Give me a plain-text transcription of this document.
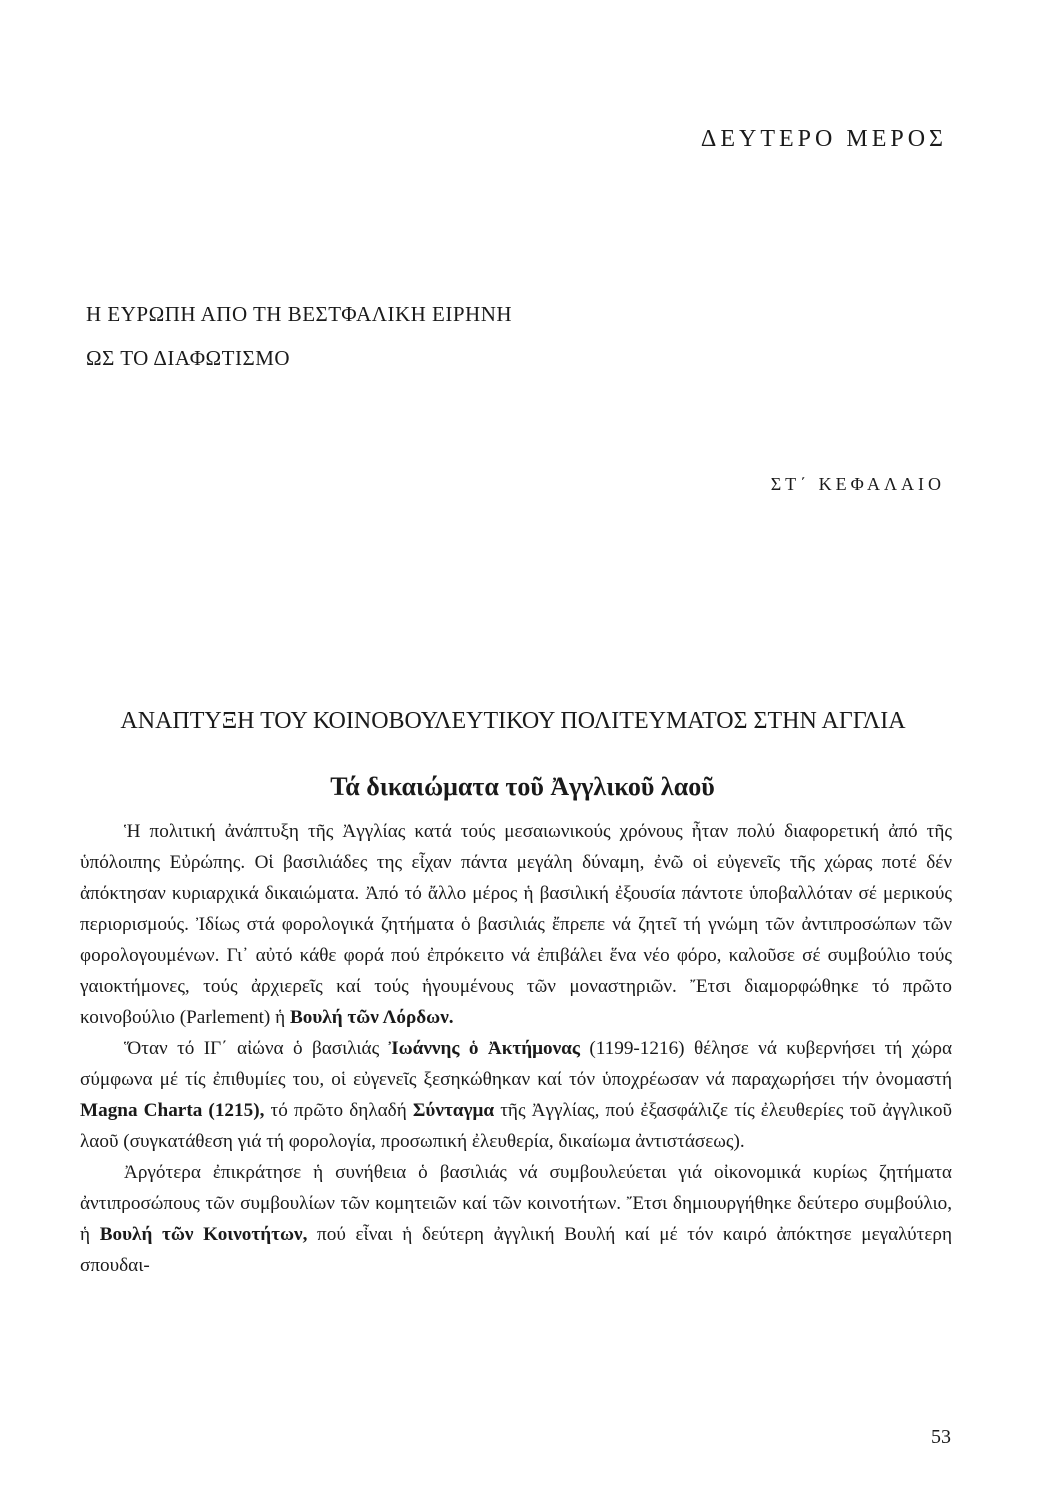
ΔΕΥΤΕΡΟ ΜΕΡΟΣ
Η ΕΥΡΩΠΗ ΑΠΟ ΤΗ ΒΕΣΤΦΑΛΙΚΗ ΕΙΡΗΝΗ
ΩΣ ΤΟ ΔΙΑΦΩΤΙΣΜΟ
ΣΤ΄ ΚΕΦΑΛΑΙΟ
ΑΝΑΠΤΥΞΗ ΤΟΥ ΚΟΙΝΟΒΟΥΛΕΥΤΙΚΟΥ ΠΟΛΙΤΕΥΜΑΤΟΣ ΣΤΗΝ ΑΓΓΛΙΑ
Τά δικαιώματα τοῦ Ἀγγλικοῦ λαοῦ

Ἡ πολιτική ἀνάπτυξη τῆς Ἀγγλίας κατά τούς μεσαιωνικούς χρόνους ἦταν πολύ διαφορετική ἀπό τῆς ὑπόλοιπης Εὐρώπης. Οἱ βασιλιάδες της εἶχαν πάντα μεγάλη δύναμη, ἐνῶ οἱ εὐγενεῖς τῆς χώρας ποτέ δέν ἀπόκτησαν κυριαρχικά δικαιώματα. Ἀπό τό ἄλλο μέρος ἡ βασιλική ἐξουσία πάντοτε ὑποβαλλόταν σέ μερικούς περιορισμούς. Ἰδίως στά φορολογικά ζητήματα ὁ βασιλιάς ἔπρεπε νά ζητεῖ τή γνώμη τῶν ἀντιπροσώπων τῶν φορολογουμένων. Γι᾿ αὐτό κάθε φορά πού ἐπρόκειτο νά ἐπιβάλει ἕνα νέο φόρο, καλοῦσε σέ συμβούλιο τούς γαιοκτήμονες, τούς ἀρχιερεῖς καί τούς ἡγουμένους τῶν μοναστηριῶν. Ἔτσι διαμορφώθηκε τό πρῶτο κοινοβούλιο (Parlement) ἡ Βουλή τῶν Λόρδων.

Ὅταν τό ΙΓ΄ αἰώνα ὁ βασιλιάς Ἰωάννης ὁ Ἀκτήμονας (1199-1216) θέλησε νά κυβερνήσει τή χώρα σύμφωνα μέ τίς ἐπιθυμίες του, οἱ εὐγενεῖς ξεσηκώθηκαν καί τόν ὑποχρέωσαν νά παραχωρήσει τήν ὀνομαστή Magna Charta (1215), τό πρῶτο δηλαδή Σύνταγμα τῆς Ἀγγλίας, πού ἐξασφάλιζε τίς ἐλευθερίες τοῦ ἀγγλικοῦ λαοῦ (συγκατάθεση γιά τή φορολογία, προσωπική ἐλευθερία, δικαίωμα ἀντιστάσεως).

Ἀργότερα ἐπικράτησε ἡ συνήθεια ὁ βασιλιάς νά συμβουλεύεται γιά οἰκονομικά κυρίως ζητήματα ἀντιπροσώπους τῶν συμβουλίων τῶν κομητειῶν καί τῶν κοινοτήτων. Ἔτσι δημιουργήθηκε δεύτερο συμβούλιο, ἡ Βουλή τῶν Κοινοτήτων, πού εἶναι ἡ δεύτερη ἀγγλική Βουλή καί μέ τόν καιρό ἀπόκτησε μεγαλύτερη σπουδαι-

53
